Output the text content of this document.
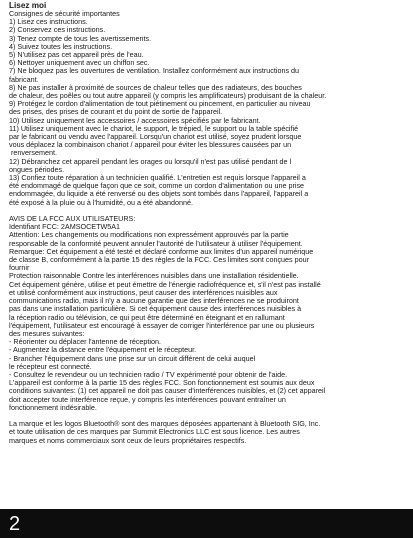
Lisez moi
Consignes de sécurité importantes
1) Lisez ces instructions.
2) Conservez ces instructions.
3) Tenez compte de tous les avertissements.
4) Suivez toutes les instructions.
5) N'utilisez pas cet appareil près de l'eau.
6) Nettoyer uniquement avec un chiffon sec.
7) Ne bloquez pas les ouvertures de ventilation. Installez conformément aux instructions du
fabricant.
8) Ne pas installer à proximité de sources de chaleur telles que des radiateurs, des bouches
de chaleur, des poêles ou tout autre appareil (y compris les amplificateurs) produisant de la chaleur.
9) Protégez le cordon d'alimentation de tout piétinement ou pincement, en particulier au niveau
des prises, des prises de courant et du point de sortie de l'appareil.
10) Utilisez uniquement les accessoires / accessoires spécifiés par le fabricant.
11) Utilisez uniquement avec le chariot, le support, le trépied, le support ou la table spécifié
par le fabricant ou vendu avec l'appareil. Lorsqu'un chariot est utilisé, soyez prudent lorsque
vous déplacez la combinaison chariot / appareil pour éviter les blessures causées par un
renversement.
12) Débranchez cet appareil pendant les orages ou lorsqu'il n'est pas utilisé pendant de l
ongues périodes.
13) Confiez toute réparation à un technicien qualifié. L'entretien est requis lorsque l'appareil a
été endommagé de quelque façon que ce soit, comme un cordon d'alimentation ou une prise
endommagée, du liquide a été renversé ou des objets sont tombés dans l'appareil, l'appareil a
été exposé à la pluie ou à l'humidité, ou a été abandonné.
AVIS DE LA FCC AUX UTILISATEURS:
Identifiant FCC: 2AMSOCETW5A1
Attention: Les changements ou modifications non expressément approuvés par la partie
responsable de la conformité peuvent annuler l'autorité de l'utilisateur à utiliser l'équipement.
Remarque: Cet équipement a été testé et déclaré conforme aux limites d'un appareil numérique
de classe B, conformément à la partie 15 des règles de la FCC. Ces limites sont conçues pour
fournir
Protection raisonnable Contre les interférences nuisibles dans une installation résidentielle.
Cet équipement génère, utilise et peut émettre de l'énergie radiofréquence et, s'il n'est pas installé
et utilisé conformément aux instructions, peut causer des interférences nuisibles aux
communications radio, mais il n'y a aucune garantie que des interférences ne se produiront
pas dans une installation particulière. Si cet équipement cause des interférences nuisibles à
la réception radio ou télévision, ce qui peut être déterminé en éteignant et en rallumant
l'équipement, l'utilisateur est encouragé à essayer de corriger l'interférence par une ou plusieurs
des mesures suivantes:
- Réorienter ou déplacer l'antenne de réception.
- Augmentez la distance entre l'équipement et le récepteur.
- Brancher l'équipement dans une prise sur un circuit différent de celui auquel
le récepteur est connecté.
- Consultez le revendeur ou un technicien radio / TV expérimenté pour obtenir de l'aide.
L'appareil est conforme à la partie 15 des règles FCC. Son fonctionnement est soumis aux deux
conditions suivantes: (1) cet appareil ne doit pas causer d'interférences nuisibles, et (2) cet appareil
doit accepter toute interférence reçue, y compris les interférences pouvant entraîner un
fonctionnement indésirable.
La marque et les logos Bluetooth® sont des marques déposées appartenant à Bluetooth SIG, Inc.
et toute utilisation de ces marques par Summit Electronics LLC est sous licence. Les autres
marques et noms commerciaux sont ceux de leurs propriétaires respectifs.
2
